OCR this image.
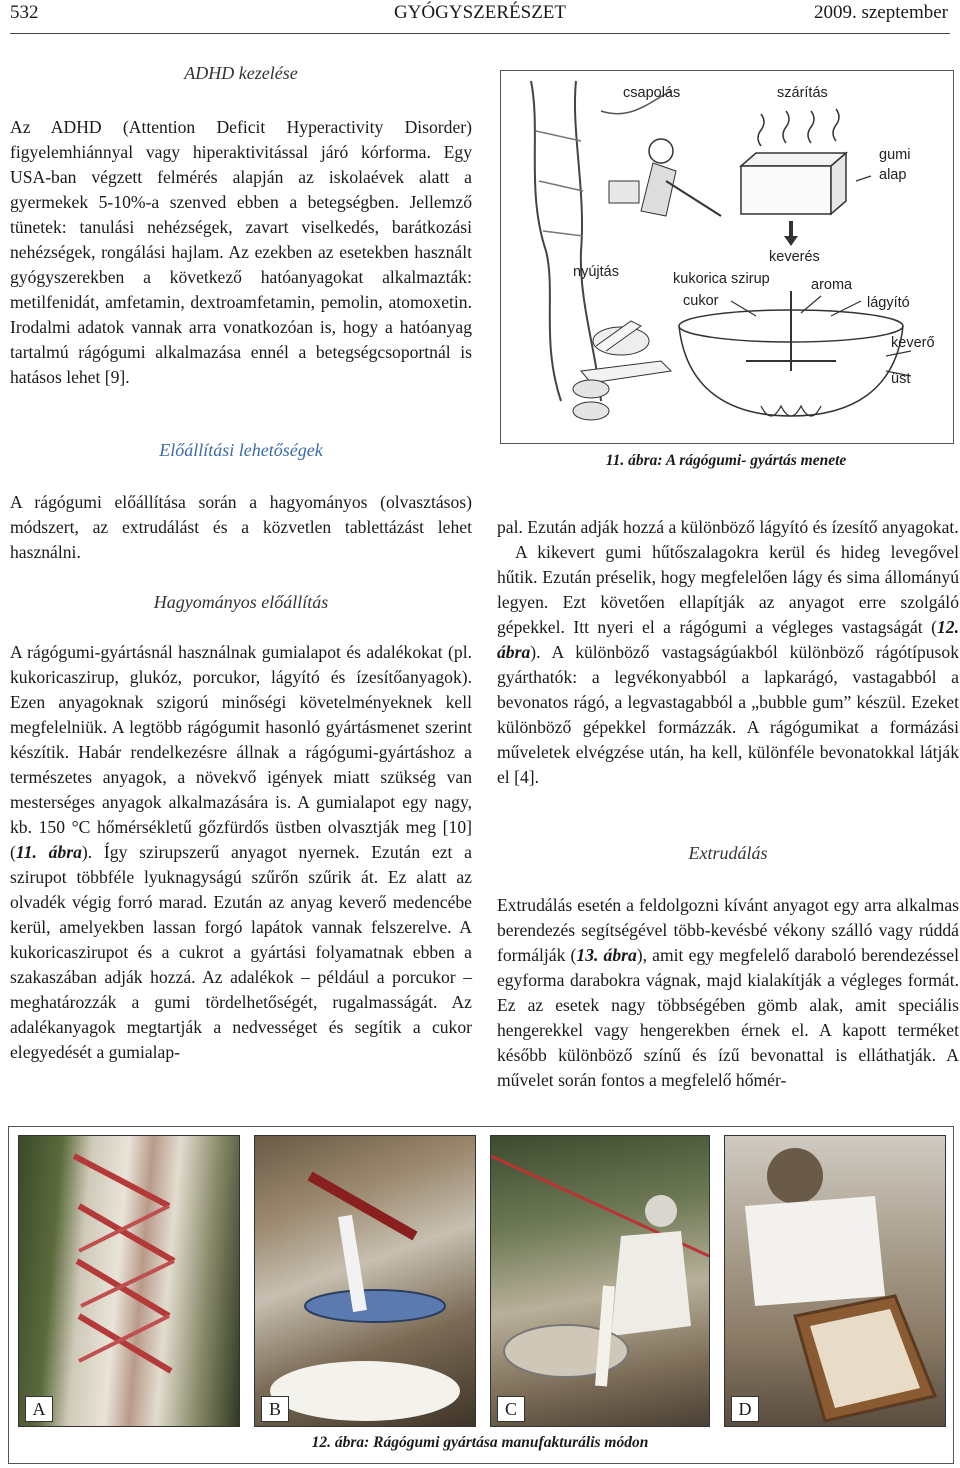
532	GYÓGYSZERÉSZET	2009. szeptember
ADHD kezelése

Az ADHD (Attention Deficit Hyperactivity Disorder) figyelemhiánnyal vagy hiperaktivitással járó kórforma. Egy USA-ban végzett felmérés alapján az iskolaévek alatt a gyermekek 5-10%-a szenved ebben a betegségben. Jellemző tünetek: tanulási nehézségek, zavart viselkedés, barátkozási nehézségek, rongálási hajlam. Az ezekben az esetekben használt gyógyszerekben a következő hatóanyagokat alkalmazták: metilfenidát, amfetamin, dextroamfetamin, pemolin, atomoxetin. Irodalmi adatok vannak arra vonatkozóan is, hogy a hatóanyag tartalmú rágógumi alkalmazása ennél a betegségcsoportnál is hatásos lehet [9].

Előállítási lehetőségek

A rágógumi előállítása során a hagyományos (olvasztásos) módszert, az extrudálást és a közvetlen tablettázást lehet használni.

Hagyományos előállítás

A rágógumi-gyártásnál használnak gumialapot és adalékokat (pl. kukoricaszirup, glukóz, porcukor, lágyító és ízesítőanyagok). Ezen anyagoknak szigorú minőségi követelményeknek kell megfelelniük. A legtöbb rágógumit hasonló gyártásmenet szerint készítik. Habár rendelkezésre állnak a rágógumi-gyártáshoz a természetes anyagok, a növekvő igények miatt szükség van mesterséges anyagok alkalmazására is. A gumialapot egy nagy, kb. 150 °C hőmérsékletű gőzfürdős üstben olvasztják meg [10] (11. ábra). Így szirupszerű anyagot nyernek. Ezután ezt a szirupot többféle lyuknagyságú szűrőn szűrik át. Ez alatt az olvadék végig forró marad. Ezután az anyag keverő medencébe kerül, amelyekben lassan forgó lapátok vannak felszerelve. A kukoricaszirupot és a cukrot a gyártási folyamatnak ebben a szakaszában adják hozzá. Az adalékok – például a porcukor – meghatározzák a gumi tördelhetőségét, rugalmasságát. Az adalékanyagok megtartják a nedvességet és segítik a cukor elegyedését a gumialap-

csapolás	szárítás
gumi
alap
keverés
nyújtás	kukorica szirup	aroma
cukor	lágyító
keverő
üst
11. ábra: A rágógumi- gyártás menete

pal. Ezután adják hozzá a különböző lágyító és ízesítő anyagokat.

A kikevert gumi hűtőszalagokra kerül és hideg levegővel hűtik. Ezután préselik, hogy megfelelően lágy és sima állományú legyen. Ezt követően ellapítják az anyagot erre szolgáló gépekkel. Itt nyeri el a rágógumi a végleges vastagságát (12. ábra). A különböző vastagságúakból különböző rágótípusok gyárthatók: a legvékonyabból a lapkarágó, vastagabból a bevonatos rágó, a legvastagabból a „bubble gum” készül. Ezeket különböző gépekkel formázzák. A rágógumikat a formázási műveletek elvégzése után, ha kell, különféle bevonatokkal látják el [4].

Extrudálás

Extrudálás esetén a feldolgozni kívánt anyagot egy arra alkalmas berendezés segítségével több-kevésbé vékony szálló vagy rúddá formálják (13. ábra), amit egy megfelelő daraboló berendezéssel egyforma darabokra vágnak, majd kialakítják a végleges formát. Ez az esetek nagy többségében gömb alak, amit speciális hengerekkel vagy hengerekben érnek el. A kapott terméket később különböző színű és ízű bevonattal is elláthatják. A művelet során fontos a megfelelő hőmér-

A	B	C	D
12. ábra: Rágógumi gyártása manufakturális módon
